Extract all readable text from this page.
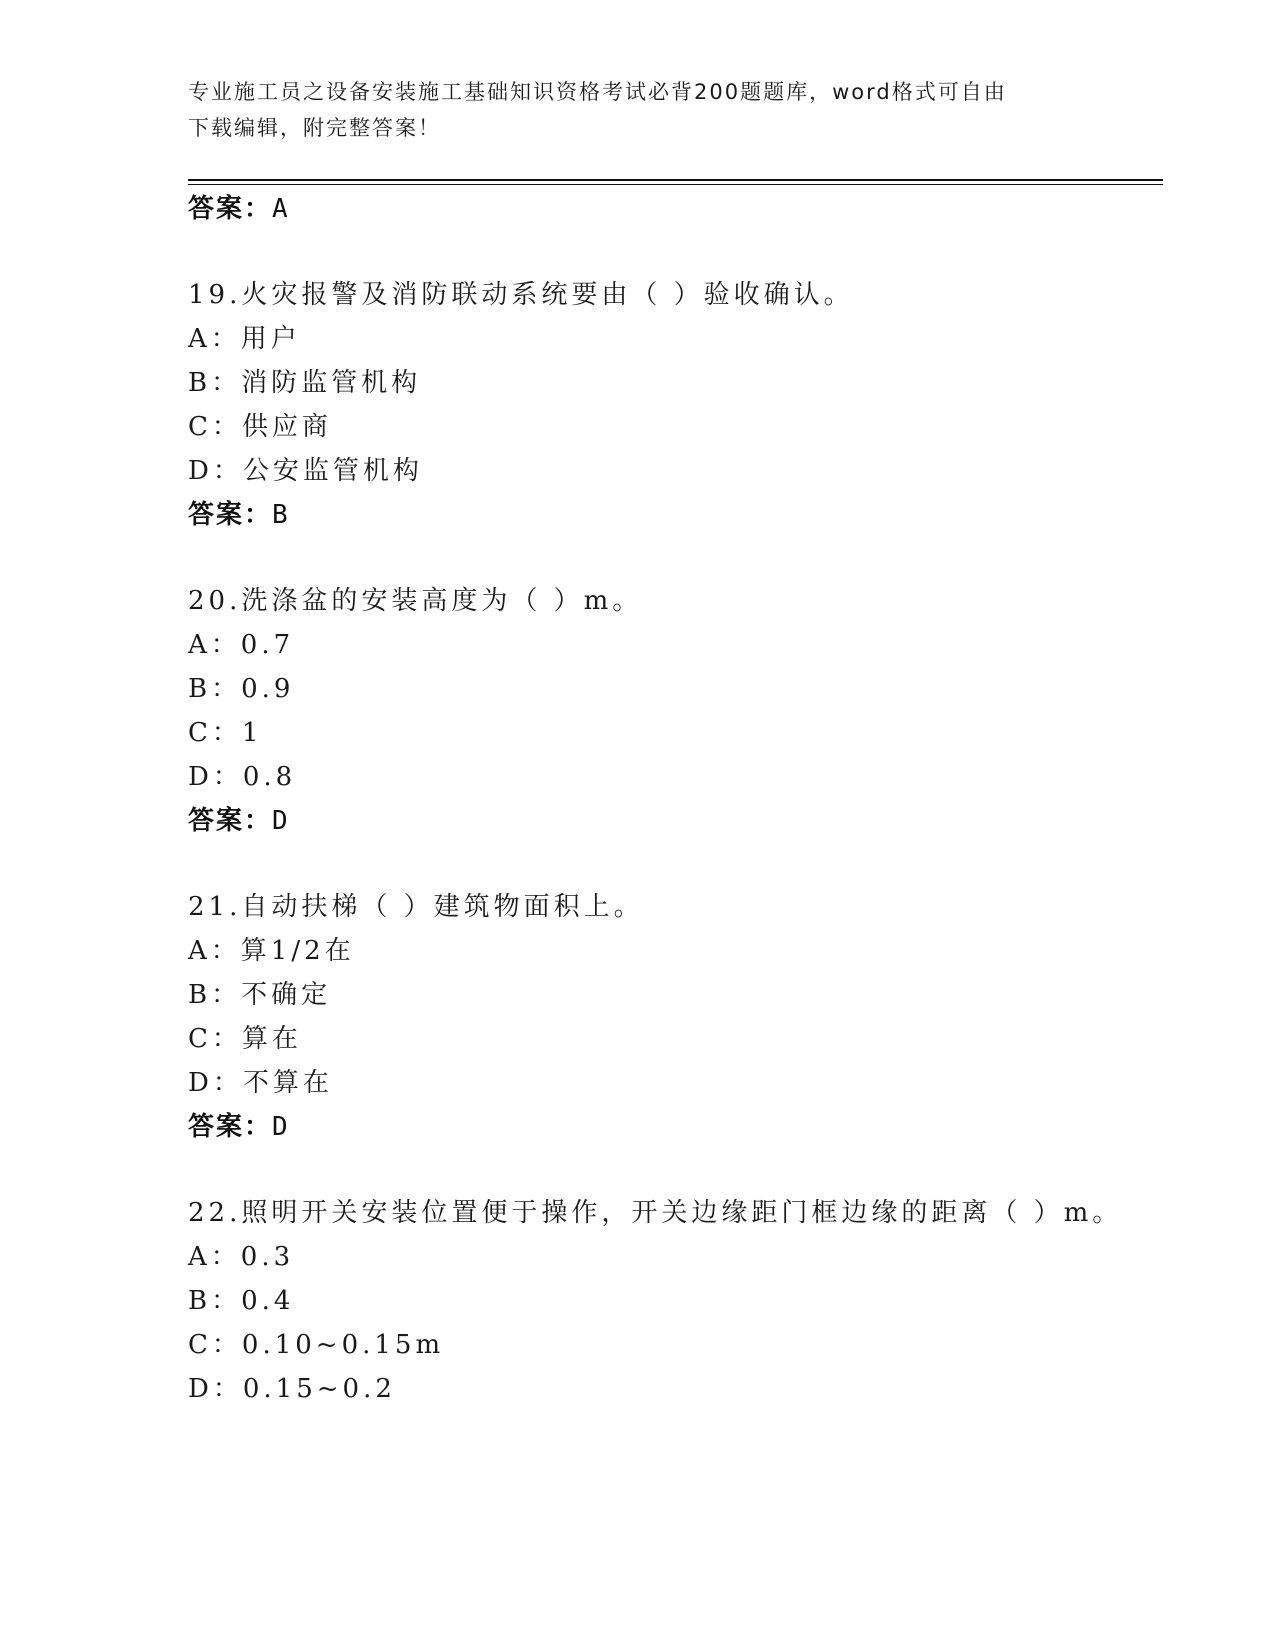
专业施工员之设备安装施工基础知识资格考试必背200题题库，word格式可自由
下载编辑，附完整答案！
答案：A
19.火灾报警及消防联动系统要由（ ）验收确认。
A：用户
B：消防监管机构
C：供应商
D：公安监管机构
答案：B
20.洗涤盆的安装高度为（ ）m。
A：0.7
B：0.9
C：1
D：0.8
答案：D
21.自动扶梯（ ）建筑物面积上。
A：算1/2在
B：不确定
C：算在
D：不算在
答案：D
22.照明开关安装位置便于操作，开关边缘距门框边缘的距离（ ）m。
A：0.3
B：0.4
C：0.10~0.15m
D：0.15~0.2
